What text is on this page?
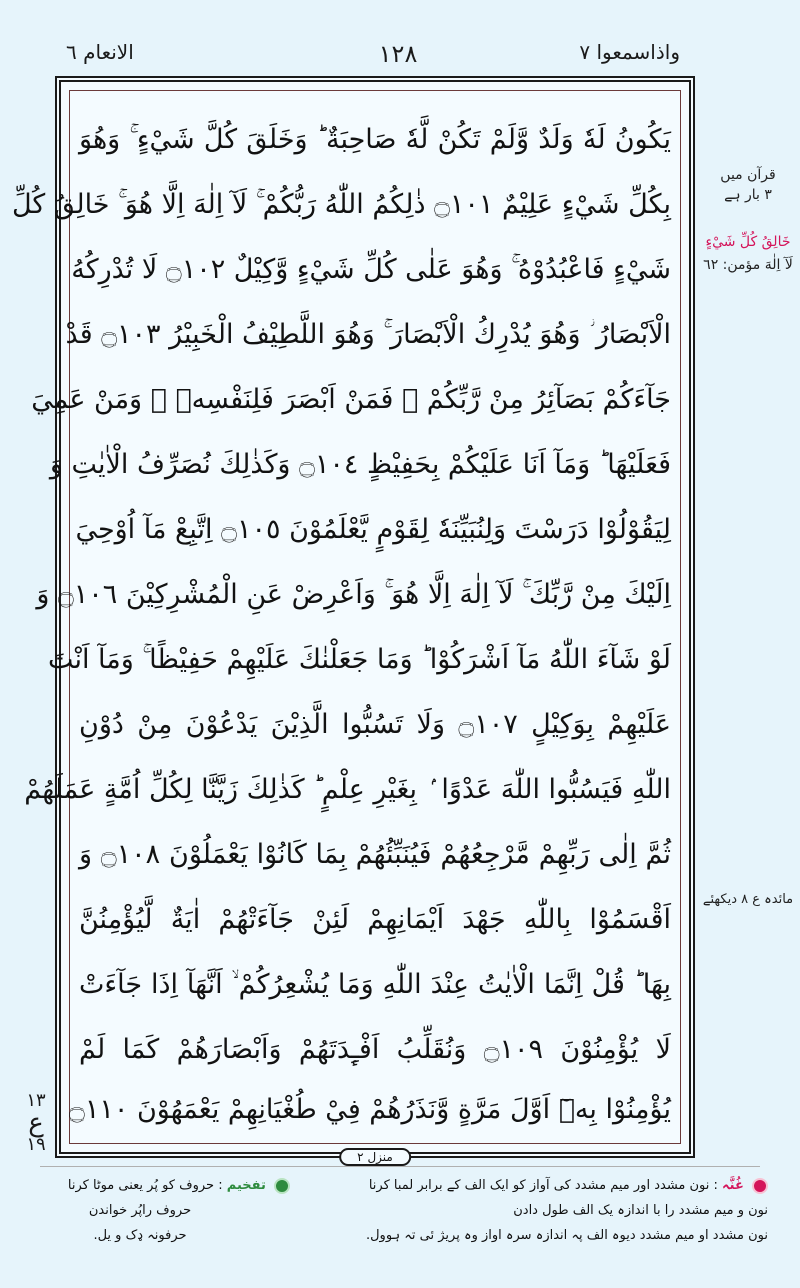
الانعام ٦	١٢٨	واذاسمعوا ٧
يَكُونُ لَهٗ وَلَدٌ وَّلَمْ تَكُنْ لَّهٗ صَاحِبَةٌ ؕ وَخَلَقَ كُلَّ شَيْءٍ ۚ وَهُوَ
بِكُلِّ شَيْءٍ عَلِيْمٌ ۝١٠١ ذٰلِكُمُ اللّٰهُ رَبُّكُمْ ۚ لَآ اِلٰهَ اِلَّا هُوَ ۚ خَالِقُ كُلِّ
شَيْءٍ فَاعْبُدُوْهُ ۚ وَهُوَ عَلٰى كُلِّ شَيْءٍ وَّكِيْلٌ ۝١٠٢ لَا تُدْرِكُهُ
الْاَبْصَارُ ؗ وَهُوَ يُدْرِكُ الْاَبْصَارَ ۚ وَهُوَ اللَّطِيْفُ الْخَبِيْرُ ۝١٠٣ قَدْ
جَآءَكُمْ بَصَآئِرُ مِنْ رَّبِّكُمْ ۚ فَمَنْ اَبْصَرَ فَلِنَفْسِهٖ ۚ وَمَنْ عَمِيَ
فَعَلَيْهَا ؕ وَمَآ اَنَا عَلَيْكُمْ بِحَفِيْظٍ ۝١٠٤ وَكَذٰلِكَ نُصَرِّفُ الْاٰيٰتِ وَ
لِيَقُوْلُوْا دَرَسْتَ وَلِنُبَيِّنَهٗ لِقَوْمٍ يَّعْلَمُوْنَ ۝١٠٥ اِتَّبِعْ مَآ اُوْحِيَ
اِلَيْكَ مِنْ رَّبِّكَ ۚ لَآ اِلٰهَ اِلَّا هُوَ ۚ وَاَعْرِضْ عَنِ الْمُشْرِكِيْنَ ۝١٠٦ وَ
لَوْ شَآءَ اللّٰهُ مَآ اَشْرَكُوْا ؕ وَمَا جَعَلْنٰكَ عَلَيْهِمْ حَفِيْظًا ۚ وَمَآ اَنْتَ
عَلَيْهِمْ بِوَكِيْلٍ ۝١٠٧ وَلَا تَسُبُّوا الَّذِيْنَ يَدْعُوْنَ مِنْ دُوْنِ
اللّٰهِ فَيَسُبُّوا اللّٰهَ عَدْوًا ۢ بِغَيْرِ عِلْمٍ ؕ كَذٰلِكَ زَيَّنَّا لِكُلِّ اُمَّةٍ عَمَلَهُمْ
ثُمَّ اِلٰى رَبِّهِمْ مَّرْجِعُهُمْ فَيُنَبِّئُهُمْ بِمَا كَانُوْا يَعْمَلُوْنَ ۝١٠٨ وَ
اَقْسَمُوْا بِاللّٰهِ جَهْدَ اَيْمَانِهِمْ لَئِنْ جَآءَتْهُمْ اٰيَةٌ لَّيُؤْمِنُنَّ
بِهَا ؕ قُلْ اِنَّمَا الْاٰيٰتُ عِنْدَ اللّٰهِ وَمَا يُشْعِرُكُمْ ۙ اَنَّهَآ اِذَا جَآءَتْ
لَا يُؤْمِنُوْنَ ۝١٠٩ وَنُقَلِّبُ اَفْـِٕدَتَهُمْ وَاَبْصَارَهُمْ كَمَا لَمْ
يُؤْمِنُوْا بِهٖٓ اَوَّلَ مَرَّةٍ وَّنَذَرُهُمْ فِيْ طُغْيَانِهِمْ يَعْمَهُوْنَ ۝١١٠
منزل ٢
قرآن میں
۳ بار ہے
خَالِقُ كُلِّ شَيْءٍ
لَآ اِلٰهَ مؤمن: ٦٢
مائدہ ع ۸ دیکھئے
١٣
ع
١٩
غُنَّہ : نون مشدد اور میم مشدد کی آواز کو ایک الف کے برابر لمبا کرنا
نون و میم مشدد را با اندازہ یک الف طول دادن
نون مشدد او میم مشدد دیوہ الف پہ اندازہ سرہ اواز وہ پریژ ئی تہ ہوول.
تفخیم : حروف کو پُر یعنی موٹا کرنا
حروف راپُر خواندن
حرفونہ ډک و یل.
